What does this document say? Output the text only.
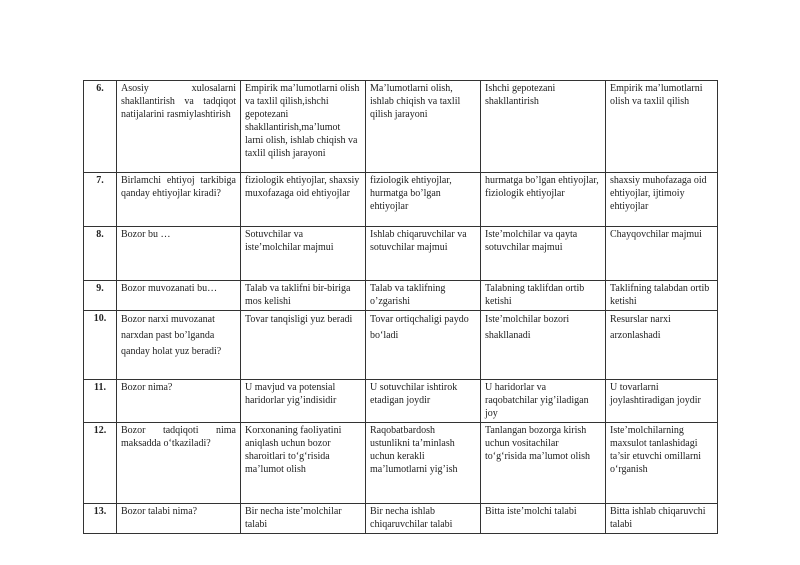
6.	Asosiy xulosalarni shakllantirish va tadqiqot natijalarini rasmiylashtirish	Empirik ma’lumotlarni olish va taxlil qilish,ishchi gepotezani shakllantirish,ma’lumot larni olish, ishlab chiqish va taxlil qilish jarayoni	Ma’lumotlarni olish, ishlab chiqish va taxlil qilish jarayoni	Ishchi gepotezani shakllantirish	Empirik ma’lumotlarni olish va taxlil qilish
7.	Birlamchi ehtiyoj tarkibiga qanday ehtiyojlar kiradi?	fiziologik ehtiyojlar, shaxsiy muxofazaga oid ehtiyojlar	fiziologik ehtiyojlar, hurmatga bo’lgan ehtiyojlar	hurmatga bo’lgan ehtiyojlar, fiziologik ehtiyojlar	shaxsiy muhofazaga oid ehtiyojlar, ijtimoiy ehtiyojlar
8.	Bozor bu …	Sotuvchilar va iste’molchilar majmui	Ishlab chiqaruvchilar va sotuvchilar majmui	Iste’molchilar va qayta sotuvchilar majmui	Chayqovchilar majmui
9.	Bozor muvozanati bu…	Talab va taklifni bir-biriga mos kelishi	Talab va taklifning o’zgarishi	Talabning taklifdan ortib ketishi	Taklifning talabdan ortib ketishi
10.	Bozor narxi muvozanat narxdan past bo’lganda qanday holat yuz beradi?	Tovar tanqisligi yuz beradi	Tovar ortiqchaligi paydo bo‘ladi	Iste’molchilar bozori shakllanadi	Resurslar narxi arzonlashadi
11.	Bozor nima?	U mavjud va potensial haridorlar yig’indisidir	U sotuvchilar ishtirok etadigan joydir	U haridorlar va raqobatchilar yig’iladigan joy	U tovarlarni joylashtiradigan joydir
12.	Bozor tadqiqoti nima maksadda o‘tkaziladi?	Korxonaning faoliyatini aniqlash uchun bozor sharoitlari to‘g‘risida ma’lumot olish	Raqobatbardosh ustunlikni ta’minlash uchun kerakli ma’lumotlarni yig’ish	Tanlangan bozorga kirish uchun vositachilar to‘g‘risida ma’lumot olish	Iste’molchilarning maxsulot tanlashidagi ta’sir etuvchi omillarni o‘rganish
13.	Bozor talabi nima?	Bir necha iste’molchilar talabi	Bir necha ishlab chiqaruvchilar talabi	Bitta iste’molchi talabi	Bitta ishlab chiqaruvchi talabi
